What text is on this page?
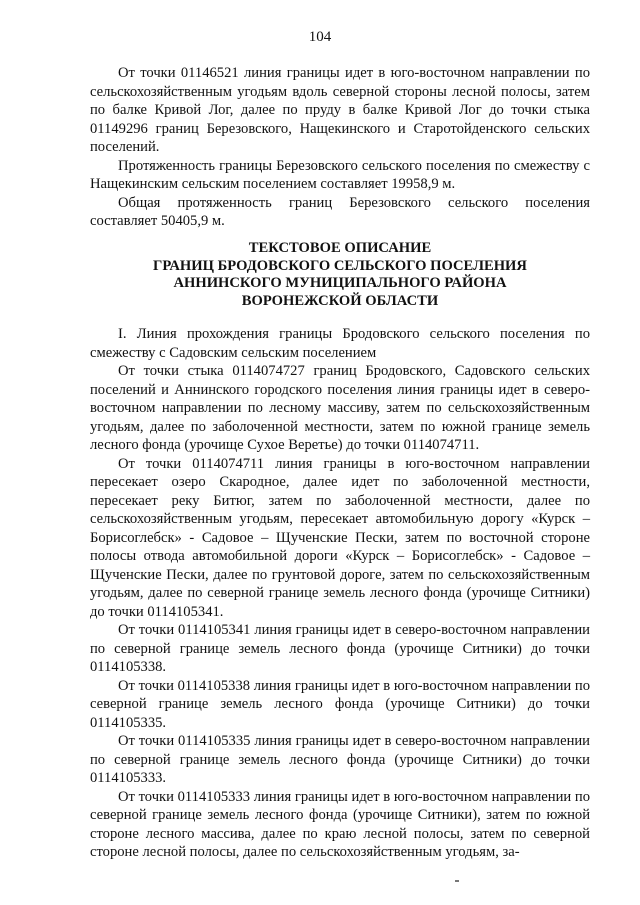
104

От точки 01146521 линия границы идет в юго-восточном направлении по сельскохозяйственным угодьям вдоль северной стороны лесной полосы, затем по балке Кривой Лог, далее по пруду в балке Кривой Лог до точки стыка 01149296 границ Березовского, Нащекинского и Старотойденского сельских поселений.

Протяженность границы Березовского сельского поселения по смежеству с Нащекинским сельским поселением составляет 19958,9 м.

Общая протяженность границ Березовского сельского поселения составляет 50405,9 м.

ТЕКСТОВОЕ ОПИСАНИЕ
ГРАНИЦ БРОДОВСКОГО СЕЛЬСКОГО ПОСЕЛЕНИЯ
АННИНСКОГО МУНИЦИПАЛЬНОГО РАЙОНА
ВОРОНЕЖСКОЙ ОБЛАСТИ

I. Линия прохождения границы Бродовского сельского поселения по смежеству с Садовским сельским поселением

От точки стыка 0114074727 границ Бродовского, Садовского сельских поселений и Аннинского городского поселения линия границы идет в северо-восточном направлении по лесному массиву, затем по сельскохозяйственным угодьям, далее по заболоченной местности, затем по южной границе земель лесного фонда (урочище Сухое Веретье) до точки 0114074711.

От точки 0114074711 линия границы в юго-восточном направлении пересекает озеро Скародное, далее идет по заболоченной местности, пересекает реку Битюг, затем по заболоченной местности, далее по сельскохозяйственным угодьям, пересекает автомобильную дорогу «Курск – Борисоглебск» - Садовое – Щученские Пески, затем по восточной стороне полосы отвода автомобильной дороги «Курск – Борисоглебск» - Садовое – Щученские Пески, далее по грунтовой дороге, затем по сельскохозяйственным угодьям, далее по северной границе земель лесного фонда (урочище Ситники) до точки 0114105341.

От точки 0114105341 линия границы идет в северо-восточном направлении по северной границе земель лесного фонда (урочище Ситники) до точки 0114105338.

От точки 0114105338 линия границы идет в юго-восточном направлении по северной границе земель лесного фонда (урочище Ситники) до точки 0114105335.

От точки 0114105335 линия границы идет в северо-восточном направлении по северной границе земель лесного фонда (урочище Ситники) до точки 0114105333.

От точки 0114105333 линия границы идет в юго-восточном направлении по северной границе земель лесного фонда (урочище Ситники), затем по южной стороне лесного массива, далее по краю лесной полосы, затем по северной стороне лесной полосы, далее по сельскохозяйственным угодьям, за-
